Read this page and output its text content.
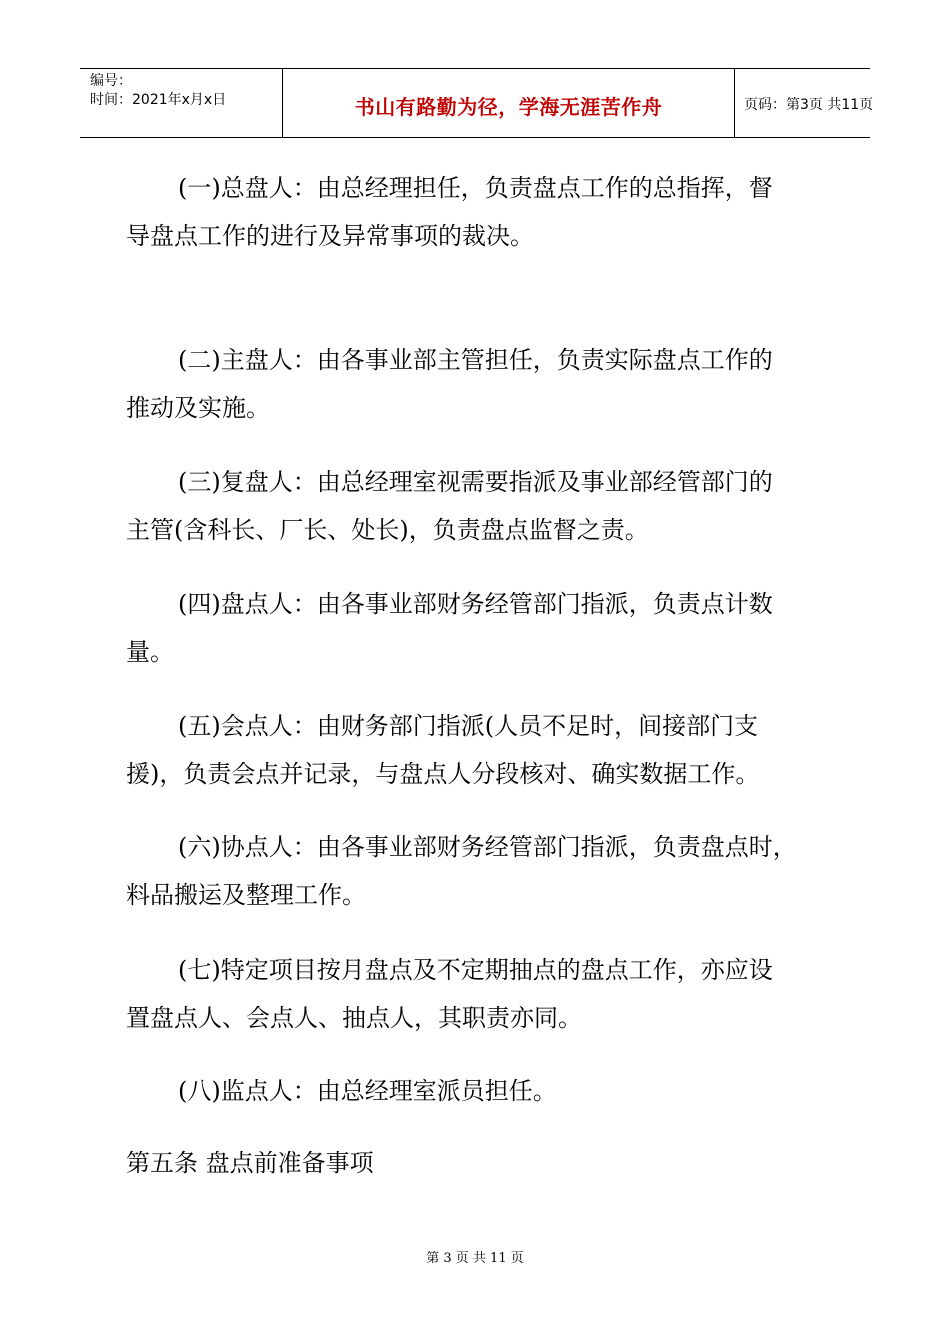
编号：
时间：2021年x月x日	书山有路勤为径，学海无涯苦作舟	页码：第3页 共11页
(一)总盘人：由总经理担任，负责盘点工作的总指挥，督
导盘点工作的进行及异常事项的裁决。
(二)主盘人：由各事业部主管担任，负责实际盘点工作的
推动及实施。
(三)复盘人：由总经理室视需要指派及事业部经管部门的
主管(含科长、厂长、处长)，负责盘点监督之责。
(四)盘点人：由各事业部财务经管部门指派，负责点计数
量。
(五)会点人：由财务部门指派(人员不足时，间接部门支
援)，负责会点并记录，与盘点人分段核对、确实数据工作。
(六)协点人：由各事业部财务经管部门指派，负责盘点时，
料品搬运及整理工作。
(七)特定项目按月盘点及不定期抽点的盘点工作，亦应设
置盘点人、会点人、抽点人，其职责亦同。
(八)监点人：由总经理室派员担任。
第五条 盘点前准备事项
第 3 页 共 11 页
